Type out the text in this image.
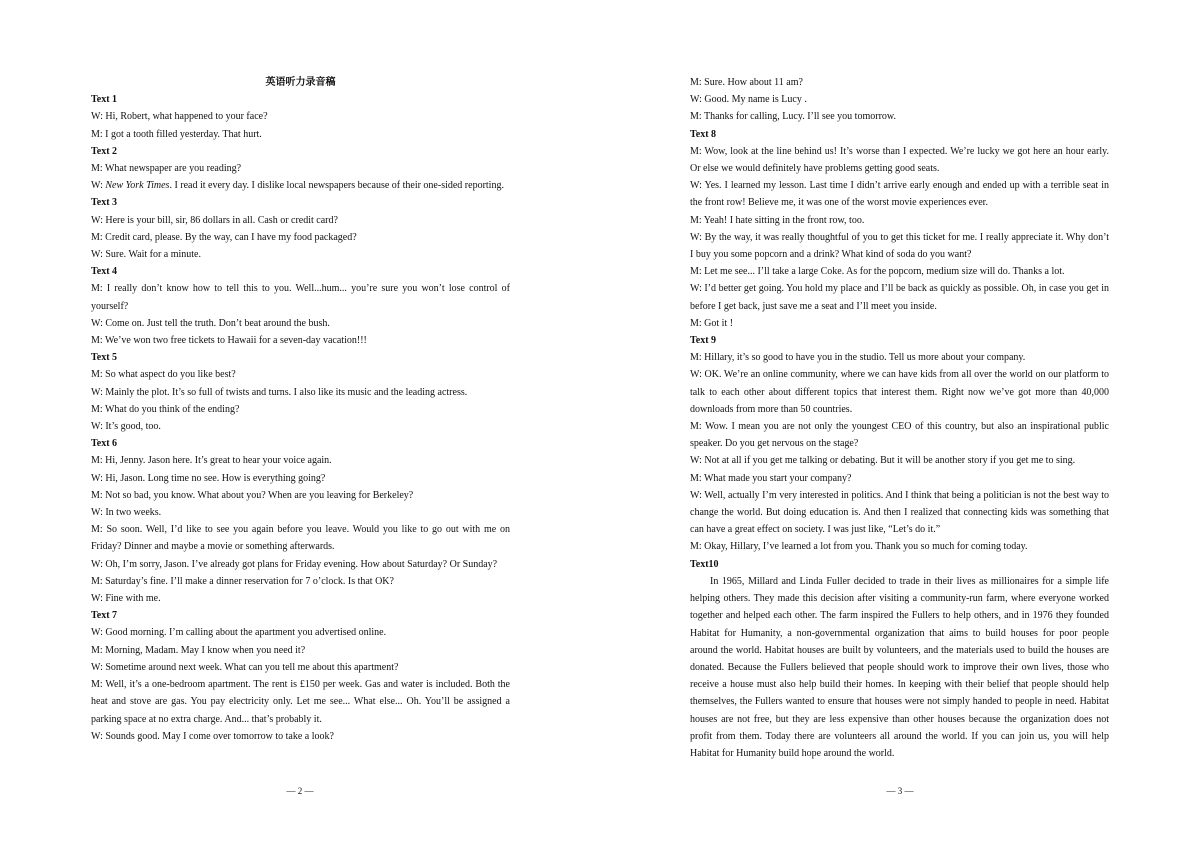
英语听力录音稿

Text 1

W: Hi, Robert, what happened to your face?

M: I got a tooth filled yesterday. That hurt.

Text 2

M: What newspaper are you reading?

W: New York Times. I read it every day. I dislike local newspapers because of their one-sided reporting.

Text 3

W: Here is your bill, sir, 86 dollars in all. Cash or credit card?

M: Credit card, please. By the way, can I have my food packaged?

W: Sure. Wait for a minute.

Text 4

M: I really don’t know how to tell this to you. Well...hum... you’re sure you won’t lose control of yourself?

W: Come on. Just tell the truth. Don’t beat around the bush.

M: We’ve won two free tickets to Hawaii for a seven-day vacation!!!

Text 5

M: So what aspect do you like best?

W: Mainly the plot. It’s so full of twists and turns. I also like its music and the leading actress.

M: What do you think of the ending?

W: It’s good, too.

Text 6

M: Hi, Jenny. Jason here. It’s great to hear your voice again.

W: Hi, Jason. Long time no see. How is everything going?

M: Not so bad, you know. What about you? When are you leaving for Berkeley?

W: In two weeks.

M: So soon. Well, I’d like to see you again before you leave. Would you like to go out with me on Friday? Dinner and maybe a movie or something afterwards.

W: Oh, I’m sorry, Jason. I’ve already got plans for Friday evening. How about Saturday? Or Sunday?

M: Saturday’s fine. I’ll make a dinner reservation for 7 o’clock. Is that OK?

W: Fine with me.

Text 7

W: Good morning. I’m calling about the apartment you advertised online.

M: Morning, Madam. May I know when you need it?

W: Sometime around next week. What can you tell me about this apartment?

M: Well, it’s a one-bedroom apartment. The rent is £150 per week. Gas and water is included. Both the heat and stove are gas. You pay electricity only. Let me see... What else... Oh. You’ll be assigned a parking space at no extra charge. And... that’s probably it.

W: Sounds good. May I come over tomorrow to take a look?

— 2 —

M: Sure. How about 11 am?

W: Good. My name is Lucy .

M: Thanks for calling, Lucy. I’ll see you tomorrow.

Text 8

M: Wow, look at the line behind us! It’s worse than I expected. We’re lucky we got here an hour early. Or else we would definitely have problems getting good seats.

W: Yes. I learned my lesson. Last time I didn’t arrive early enough and ended up with a terrible seat in the front row! Believe me, it was one of the worst movie experiences ever.

M: Yeah! I hate sitting in the front row, too.

W: By the way, it was really thoughtful of you to get this ticket for me. I really appreciate it. Why don’t I buy you some popcorn and a drink? What kind of soda do you want?

M: Let me see... I’ll take a large Coke. As for the popcorn, medium size will do. Thanks a lot.

W: I’d better get going. You hold my place and I’ll be back as quickly as possible. Oh, in case you get in before I get back, just save me a seat and I’ll meet you inside.

M: Got it !

Text 9

M: Hillary, it’s so good to have you in the studio. Tell us more about your company.

W: OK. We’re an online community, where we can have kids from all over the world on our platform to talk to each other about different topics that interest them. Right now we’ve got more than 40,000 downloads from more than 50 countries.

M: Wow. I mean you are not only the youngest CEO of this country, but also an inspirational public speaker. Do you get nervous on the stage?

W: Not at all if you get me talking or debating. But it will be another story if you get me to sing.

M: What made you start your company?

W: Well, actually I’m very interested in politics. And I think that being a politician is not the best way to change the world. But doing education is. And then I realized that connecting kids was something that can have a great effect on society. I was just like, “Let’s do it.”

M: Okay, Hillary, I’ve learned a lot from you. Thank you so much for coming today.

Text10

In 1965, Millard and Linda Fuller decided to trade in their lives as millionaires for a simple life helping others. They made this decision after visiting a community-run farm, where everyone worked together and helped each other. The farm inspired the Fullers to help others, and in 1976 they founded Habitat for Humanity, a non-governmental organization that aims to build houses for poor people around the world. Habitat houses are built by volunteers, and the materials used to build the houses are donated. Because the Fullers believed that people should work to improve their own lives, those who receive a house must also help build their homes. In keeping with their belief that people should help themselves, the Fullers wanted to ensure that houses were not simply handed to people in need. Habitat houses are not free, but they are less expensive than other houses because the organization does not profit from them. Today there are volunteers all around the world. If you can join us, you will help Habitat for Humanity build hope around the world.

— 3 —
